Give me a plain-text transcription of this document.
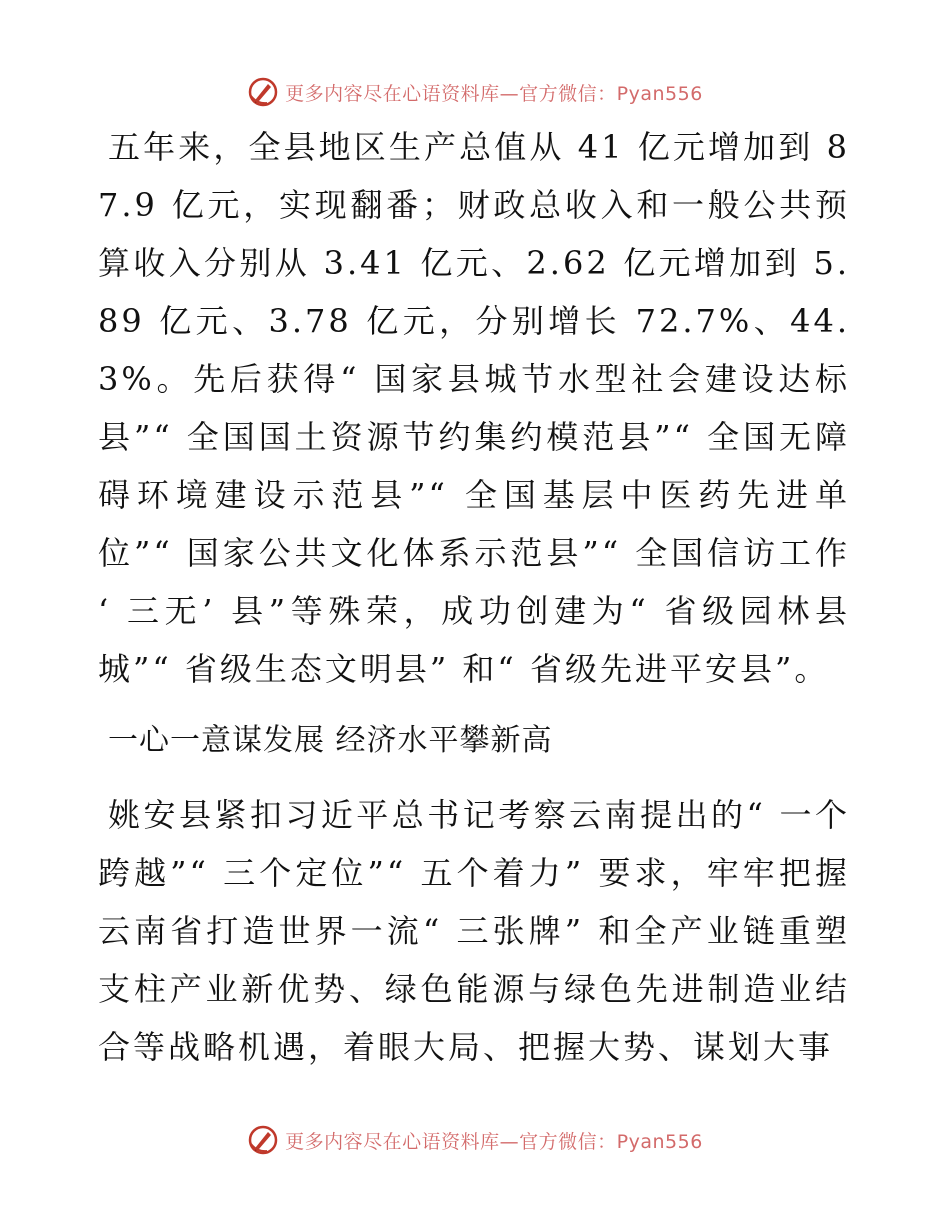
更多内容尽在心语资料库—官方微信：Pyan556

五年来，全县地区生产总值从 41 亿元增加到 87.9 亿元，实现翻番；财政总收入和一般公共预算收入分别从 3.41 亿元、2.62 亿元增加到 5.89 亿元、3.78 亿元，分别增长 72.7%、44.3%。先后获得“ 国家县城节水型社会建设达标县”“ 全国国土资源节约集约模范县”“ 全国无障碍环境建设示范县”“ 全国基层中医药先进单位”“ 国家公共文化体系示范县”“ 全国信访工作 ‘ 三无’ 县”等殊荣，成功创建为“ 省级园林县城”“ 省级生态文明县” 和“ 省级先进平安县”。

一心一意谋发展 经济水平攀新高

姚安县紧扣习近平总书记考察云南提出的“ 一个跨越”“ 三个定位”“ 五个着力” 要求，牢牢把握云南省打造世界一流“ 三张牌” 和全产业链重塑支柱产业新优势、绿色能源与绿色先进制造业结合等战略机遇，着眼大局、把握大势、谋划大事

更多内容尽在心语资料库—官方微信：Pyan556
